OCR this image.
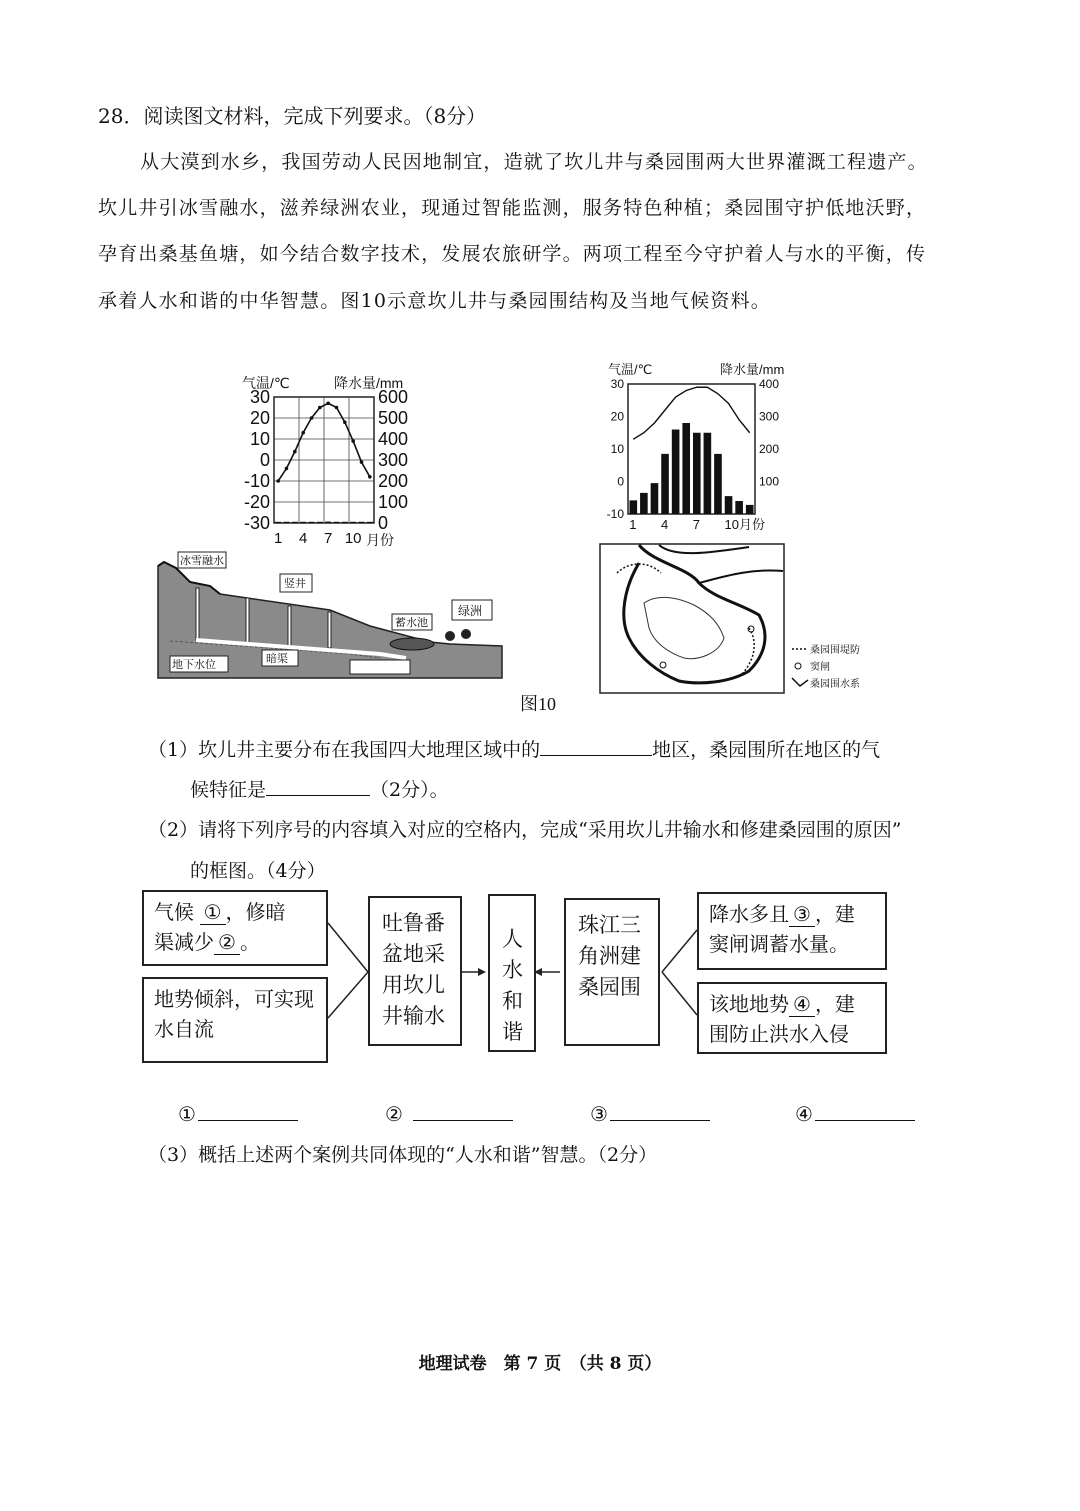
28．阅读图文材料，完成下列要求。（8分）
从大漠到水乡，我国劳动人民因地制宜，造就了坎儿井与桑园围两大世界灌溉工程遗产。
坎儿井引冰雪融水，滋养绿洲农业，现通过智能监测，服务特色种植；桑园围守护低地沃野，
孕育出桑基鱼塘，如今结合数字技术，发展农旅研学。两项工程至今守护着人与水的平衡，传
承着人水和谐的中华智慧。图10示意坎儿井与桑园围结构及当地气候资料。
气温/℃	降水量/mm
30
20
10
0
-10
-20
-30
600
500
400
300
200
100
0
1 4 7 10 月份
气温/℃	降水量/mm
30
20
10
0
-10
400
300
200
100
1 4 7 10月份
冰雪融水
竖井
蓄水池
绿洲
地下水位	暗渠
桑园围堤防
窦闸
桑园围水系
图10
（1）坎儿井主要分布在我国四大地理区域中的	地区，桑园围所在地区的气
候特征是	（2分）。
（2）请将下列序号的内容填入对应的空格内，完成“采用坎儿井输水和修建桑园围的原因”
的框图。（4分）
气候 ① ，修暗
渠减少 ② 。
地势倾斜，可实现水自流
吐鲁番盆地采用坎儿井输水
人水和谐
珠江三角洲建桑园围
降水多且 ③ ，建
窦闸调蓄水量。
该地地势 ④ ，建
围防止洪水入侵
①	②	③	④
（3）概括上述两个案例共同体现的“人水和谐”智慧。（2分）
地理试卷　第 7 页　（共 8 页）
